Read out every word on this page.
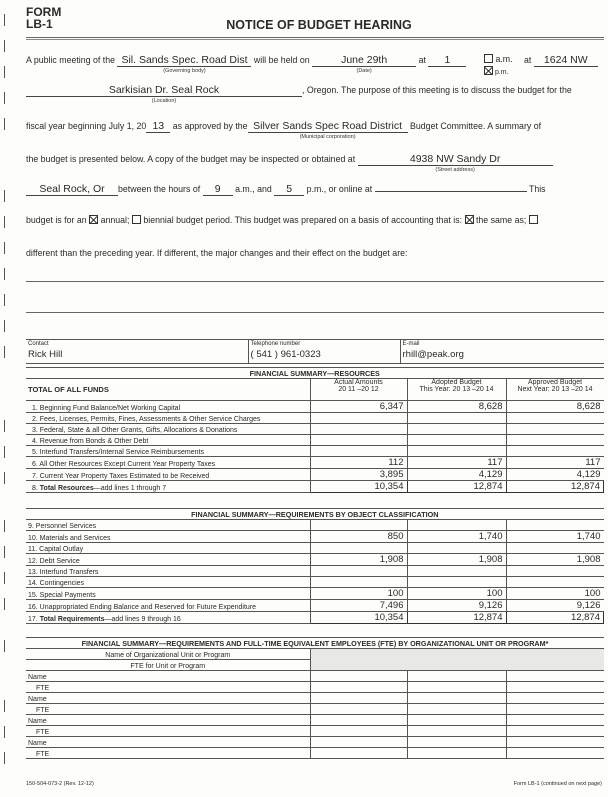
FORM
LB-1	NOTICE OF BUDGET HEARING
A public meeting of the Sil. Sands Spec. Road Dist
(Governing body)
will be held on	June 29th
(Date)
at 1	a.m.
p.m.
at 1624 NW
Sarkisian Dr. Seal Rock
(Location)
, Oregon. The purpose of this meeting is to discuss the budget for the
fiscal year beginning July 1, 20 13 as approved by the Silver Sands Spec Road District
(Municipal corporation)
Budget Committee. A summary of
the budget is presented below. A copy of the budget may be inspected or obtained at	4938 NW Sandy Dr
(Street address)
Seal Rock, Or between the hours of 9 a.m., and 5 p.m., or online at	This
budget is for an annual; biennial budget period. This budget was prepared on a basis of accounting that is: the same as;
different than the preceding year. If different, the major changes and their effect on the budget are:
Contact
Rick Hill
	Telephone number
( 541 ) 961-0323
	E-mail
rhill@peak.org
FINANCIAL SUMMARY—RESOURCES			
TOTAL OF ALL FUNDS	
Actual Amounts
20 11 –20 12

Adopted Budget
This Year: 20 13 –20 14

Approved Budget
Next Year: 20 13 –20 14

1. Beginning Fund Balance/Net Working Capital	6,347	8,628	8,628
2. Fees, Licenses, Permits, Fines, Assessments & Other Service Charges			
3. Federal, State & all Other Grants, Gifts, Allocations & Donations			
4. Revenue from Bonds & Other Debt			
5. Interfund Transfers/Internal Service Reimbursements			
6. All Other Resources Except Current Year Property Taxes	112	117	117
7. Current Year Property Taxes Estimated to be Received	3,895	4,129	4,129
8. Total Resources—add lines 1 through 7	10,354	12,874	12,874
FINANCIAL SUMMARY—REQUIREMENTS BY OBJECT CLASSIFICATION			
9. Personnel Services			
10. Materials and Services	850	1,740	1,740
11. Capital Outlay			
12. Debt Service	1,908	1,908	1,908
13. Interfund Transfers			
14. Contingencies			
15. Special Payments	100	100	100
16. Unappropriated Ending Balance and Reserved for Future Expenditure	7,496	9,126	9,126
17. Total Requirements—add lines 9 through 16	10,354	12,874	12,874
FINANCIAL SUMMARY—REQUIREMENTS AND FULL-TIME EQUIVALENT EMPLOYEES (FTE) BY ORGANIZATIONAL UNIT OR PROGRAM*			
Name of Organizational Unit or Program			
FTE for Unit or Program			
Name			
FTE			
Name			
FTE			
Name			
FTE			
Name			
FTE			
150-504-073-2 (Rev. 12-12)	Form LB-1 (continued on next page)
